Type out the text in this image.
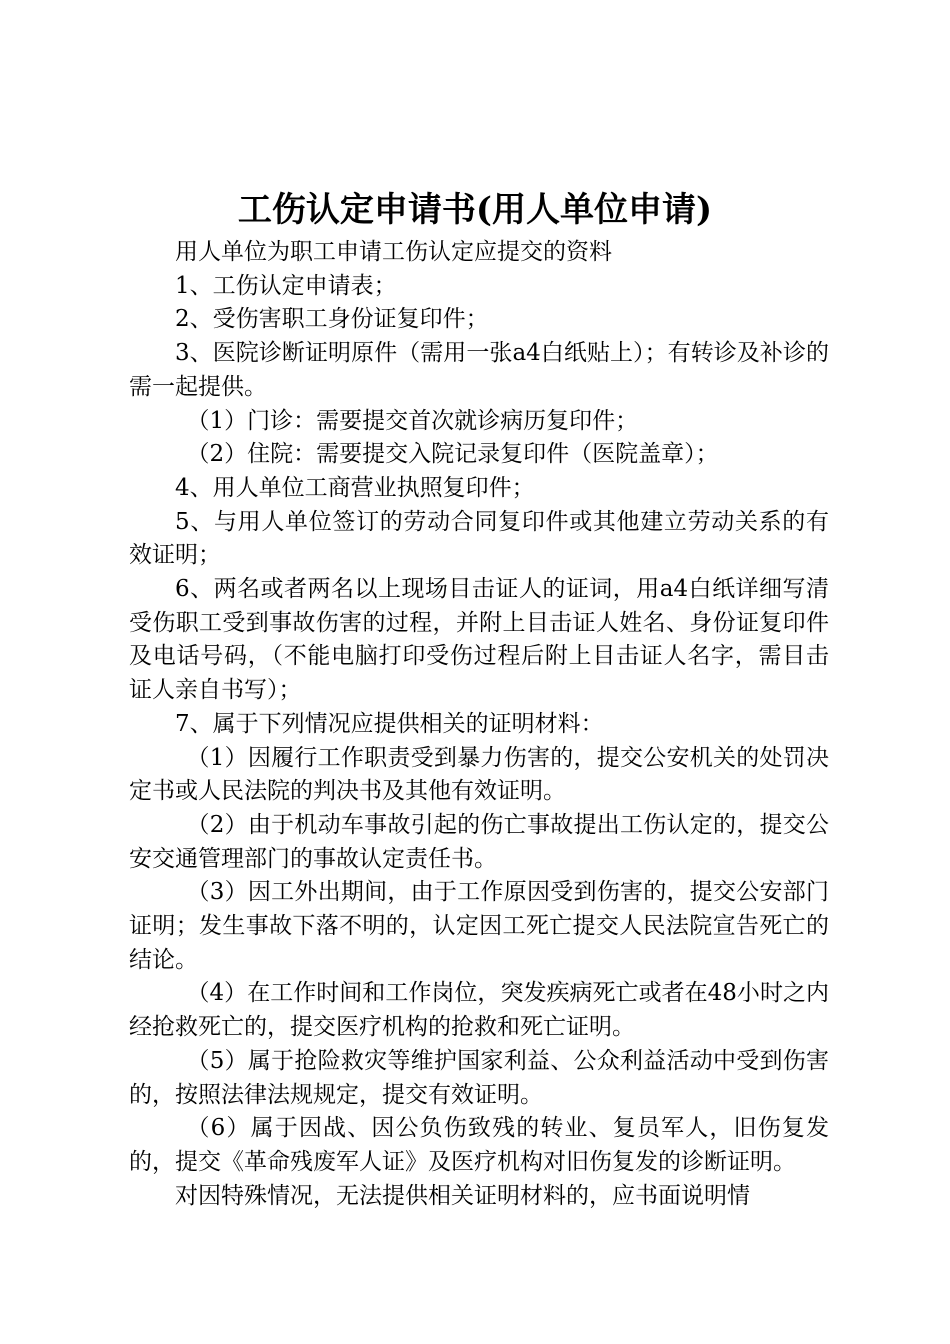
工伤认定申请书(用人单位申请)

用人单位为职工申请工伤认定应提交的资料

1、工伤认定申请表；

2、受伤害职工身份证复印件；

3、医院诊断证明原件（需用一张a4白纸贴上）；有转诊及补诊的需一起提供。

（1）门诊：需要提交首次就诊病历复印件；

（2）住院：需要提交入院记录复印件（医院盖章）；

4、用人单位工商营业执照复印件；

5、与用人单位签订的劳动合同复印件或其他建立劳动关系的有效证明；

6、两名或者两名以上现场目击证人的证词，用a4白纸详细写清受伤职工受到事故伤害的过程，并附上目击证人姓名、身份证复印件及电话号码，（不能电脑打印受伤过程后附上目击证人名字，需目击证人亲自书写）；

7、属于下列情况应提供相关的证明材料：

（1）因履行工作职责受到暴力伤害的，提交公安机关的处罚决定书或人民法院的判决书及其他有效证明。

（2）由于机动车事故引起的伤亡事故提出工伤认定的，提交公安交通管理部门的事故认定责任书。

（3）因工外出期间，由于工作原因受到伤害的，提交公安部门证明；发生事故下落不明的，认定因工死亡提交人民法院宣告死亡的结论。

（4）在工作时间和工作岗位，突发疾病死亡或者在48小时之内经抢救死亡的，提交医疗机构的抢救和死亡证明。

（5）属于抢险救灾等维护国家利益、公众利益活动中受到伤害的，按照法律法规规定，提交有效证明。

（6）属于因战、因公负伤致残的转业、复员军人，旧伤复发的，提交《革命残废军人证》及医疗机构对旧伤复发的诊断证明。

对因特殊情况，无法提供相关证明材料的，应书面说明情
